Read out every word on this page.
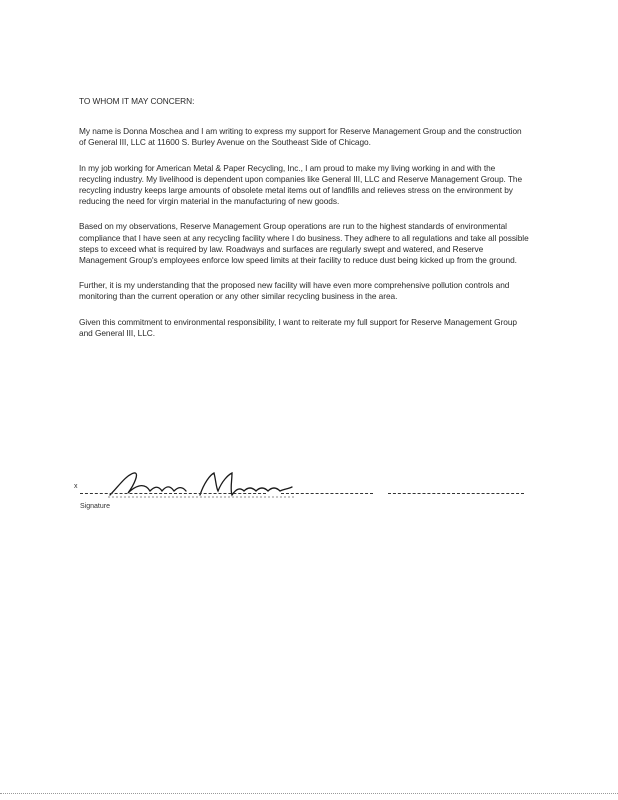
TO WHOM IT MAY CONCERN:

My name is Donna Moschea and I am writing to express my support for Reserve Management Group and the construction of General III, LLC at 11600 S. Burley Avenue on the Southeast Side of Chicago.

In my job working for American Metal & Paper Recycling, Inc., I am proud to make my living working in and with the recycling industry. My livelihood is dependent upon companies like General III, LLC and Reserve Management Group. The recycling industry keeps large amounts of obsolete metal items out of landfills and relieves stress on the environment by reducing the need for virgin material in the manufacturing of new goods.

Based on my observations, Reserve Management Group operations are run to the highest standards of environmental compliance that I have seen at any recycling facility where I do business. They adhere to all regulations and take all possible steps to exceed what is required by law. Roadways and surfaces are regularly swept and watered, and Reserve Management Group's employees enforce low speed limits at their facility to reduce dust being kicked up from the ground.

Further, it is my understanding that the proposed new facility will have even more comprehensive pollution controls and monitoring than the current operation or any other similar recycling business in the area.

Given this commitment to environmental responsibility, I want to reiterate my full support for Reserve Management Group and General III, LLC.

x
Signature
